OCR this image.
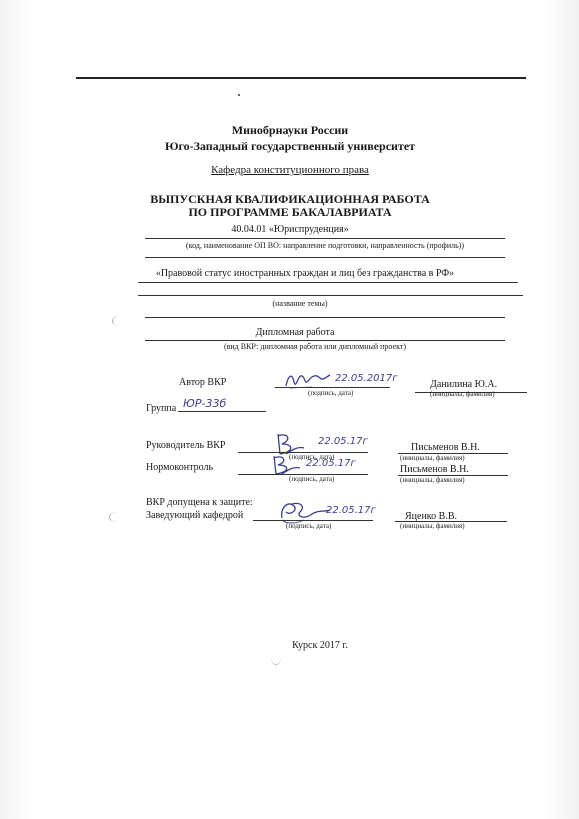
Минобрнауки России
Юго-Западный государственный университет
Кафедра конституционного права
ВЫПУСКНАЯ КВАЛИФИКАЦИОННАЯ РАБОТА
ПО ПРОГРАММЕ БАКАЛАВРИАТА
40.04.01 «Юриспруденция»
(код, наименование ОП ВО: направление подготовки, направленность (профиль))
«Правовой статус иностранных граждан и лиц без гражданства в РФ»
(название темы)
Дипломная работа
(вид ВКР: дипломная работа или дипломный проект)
Автор ВКР	22.05.2017г
(подпись, дата)
Данилина Ю.А.
(инициалы, фамилия)
Группа ЮР-33б
Руководитель ВКР	22.05.17г
(подпись, дата)
Письменов В.Н.
(инициалы, фамилия)
Нормоконтроль	22.05.17г
(подпись, дата)
Письменов В.Н.
(инициалы, фамилия)
ВКР допущена к защите:
Заведующий кафедрой	22.05.17г
(подпись, дата)
Яценко В.В.
(инициалы, фамилия)
Курск 2017 г.
